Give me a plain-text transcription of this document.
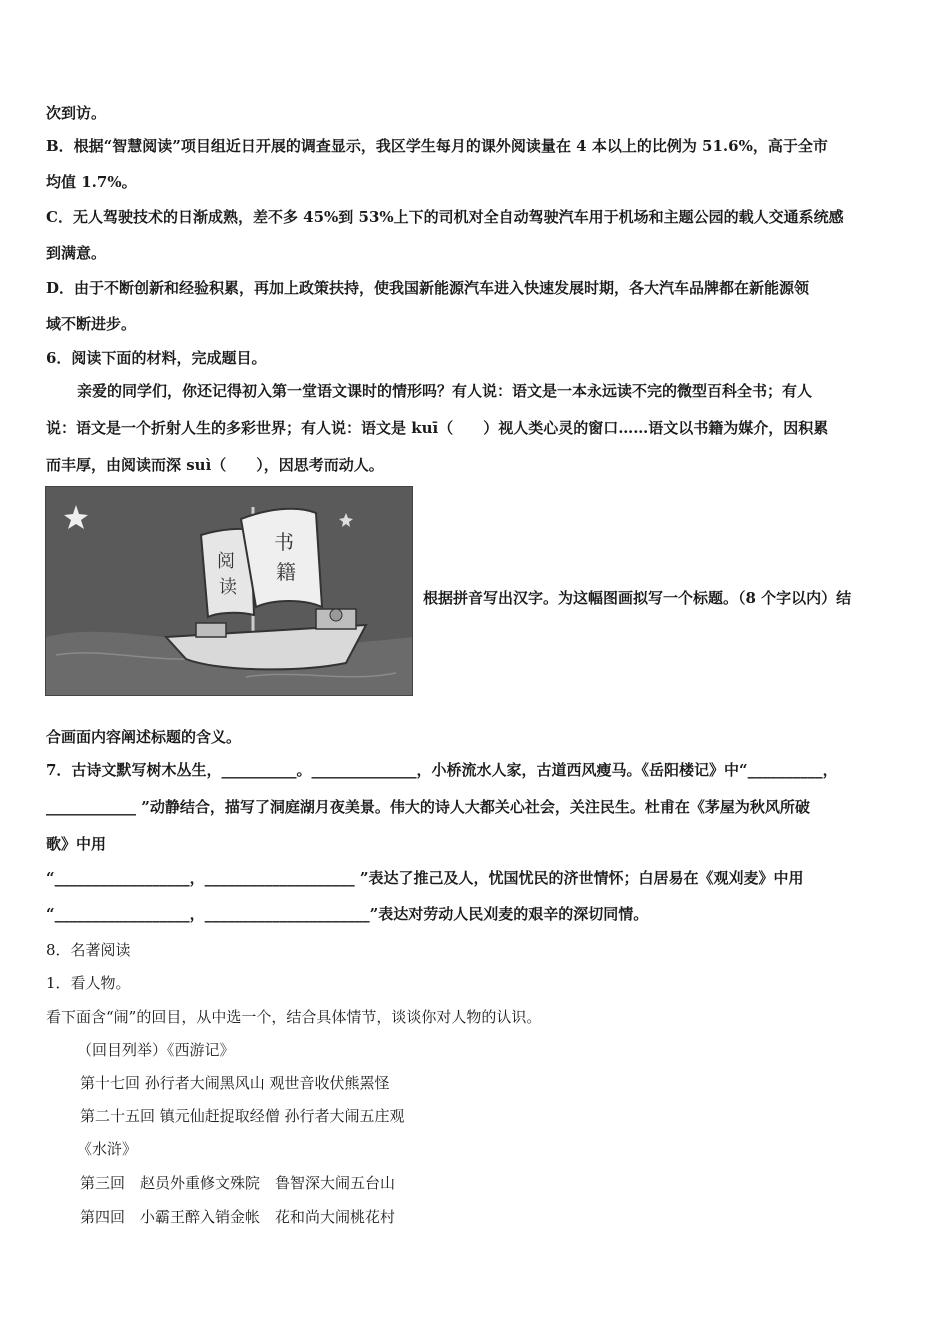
次到访。
B．根据“智慧阅读”项目组近日开展的调查显示，我区学生每月的课外阅读量在 4 本以上的比例为 51.6%，高于全市
均值 1.7%。
C．无人驾驶技术的日渐成熟，差不多 45%到 53%上下的司机对全自动驾驶汽车用于机场和主题公园的载人交通系统感
到满意。
D．由于不断创新和经验积累，再加上政策扶持，使我国新能源汽车进入快速发展时期，各大汽车品牌都在新能源领
域不断进步。
6．阅读下面的材料，完成题目。
亲爱的同学们，你还记得初入第一堂语文课时的情形吗？有人说：语文是一本永远读不完的微型百科全书；有人
说：语文是一个折射人生的多彩世界；有人说：语文是 kuī（　　）视人类心灵的窗口……语文以书籍为媒介，因积累
而丰厚，由阅读而深 suì（　　），因思考而动人。
阅
读
书
籍
根据拼音写出汉字。为这幅图画拟写一个标题。（8 个字以内）结
合画面内容阐述标题的含义。
7．古诗文默写树木丛生，__________。______________，小桥流水人家，古道西风瘦马。《岳阳楼记》中“__________，
____________ ”动静结合，描写了洞庭湖月夜美景。伟大的诗人大都关心社会，关注民生。杜甫在《茅屋为秋风所破
歌》中用
“__________________，____________________ ”表达了推己及人，忧国忧民的济世情怀；白居易在《观刈麦》中用
“__________________，______________________”表达对劳动人民刈麦的艰辛的深切同情。
8．名著阅读
1．看人物。
看下面含“闹”的回目，从中选一个，结合具体情节，谈谈你对人物的认识。
（回目列举）《西游记》
第十七回 孙行者大闹黑风山 观世音收伏熊罴怪
第二十五回 镇元仙赶捉取经僧 孙行者大闹五庄观
《水浒》
第三回　赵员外重修文殊院　鲁智深大闹五台山
第四回　小霸王醉入销金帐　花和尚大闹桃花村
